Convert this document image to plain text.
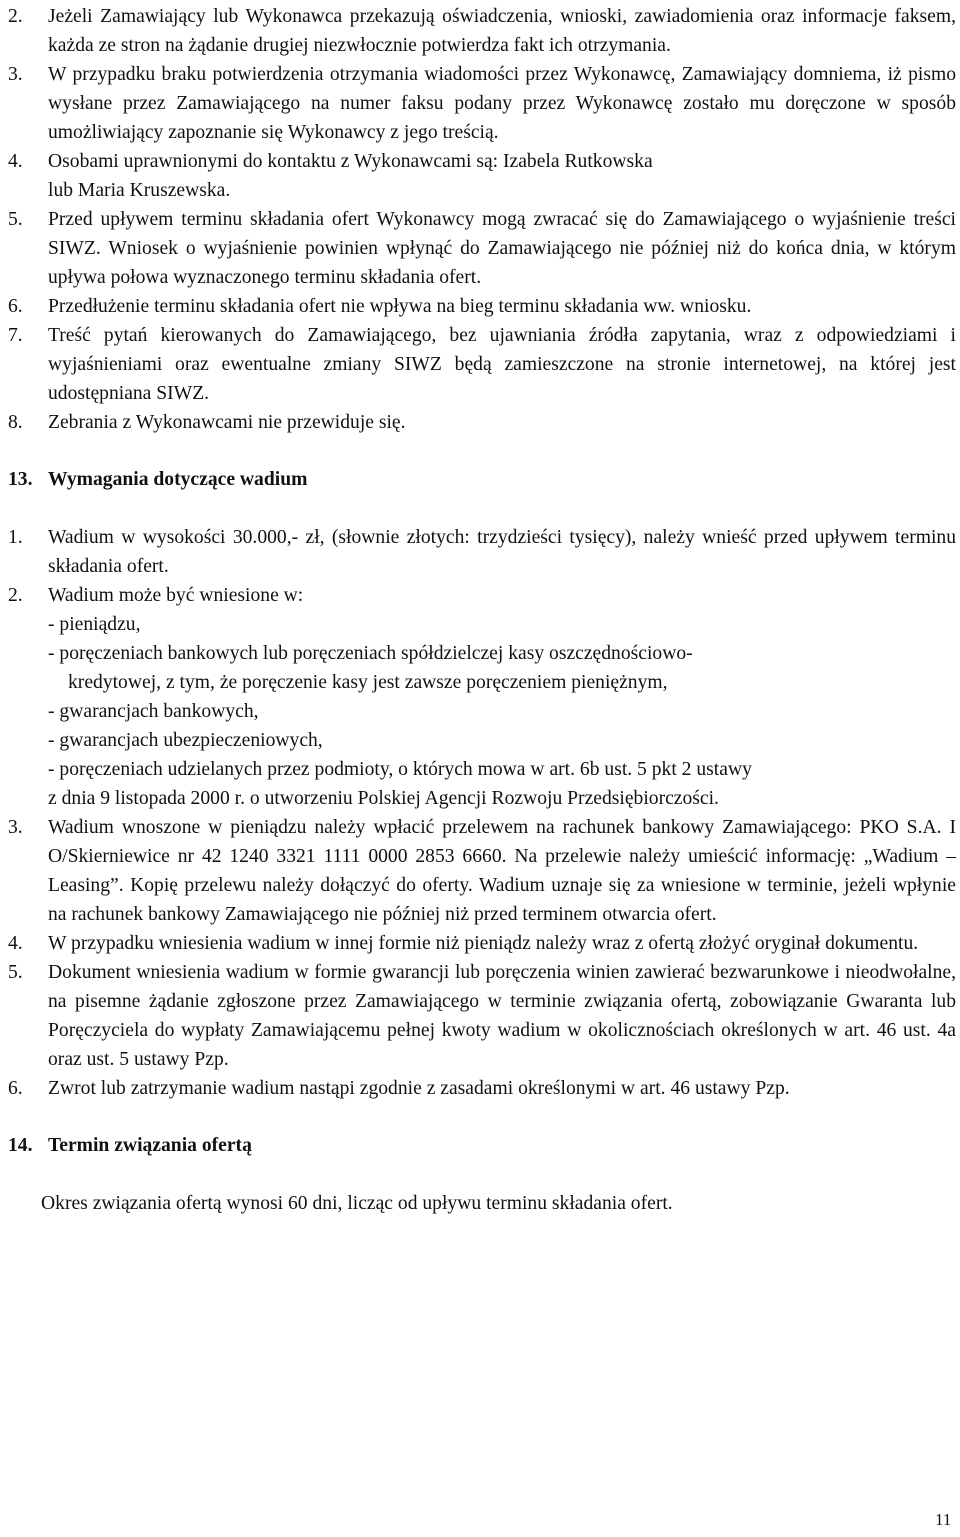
2.	Jeżeli Zamawiający lub Wykonawca przekazują oświadczenia, wnioski, zawiadomienia oraz informacje faksem, każda ze stron na żądanie drugiej niezwłocznie potwierdza fakt ich otrzymania.
3.	W przypadku braku potwierdzenia otrzymania wiadomości przez Wykonawcę, Zamawiający domniema, iż pismo wysłane przez Zamawiającego na numer faksu podany przez Wykonawcę zostało mu doręczone w sposób umożliwiający zapoznanie się Wykonawcy z jego treścią.
4.	Osobami uprawnionymi do kontaktu z Wykonawcami są: Izabela Rutkowska
lub Maria Kruszewska.
5.	Przed upływem terminu składania ofert Wykonawcy mogą zwracać się do Zamawiającego o wyjaśnienie treści SIWZ. Wniosek o wyjaśnienie powinien wpłynąć do Zamawiającego nie później niż do końca dnia, w którym upływa połowa wyznaczonego terminu składania ofert.
6.	Przedłużenie terminu składania ofert nie wpływa na bieg terminu składania ww. wniosku.
7.	Treść pytań kierowanych do Zamawiającego, bez ujawniania źródła zapytania, wraz z odpowiedziami i wyjaśnieniami oraz ewentualne zmiany SIWZ będą zamieszczone na stronie internetowej, na której jest udostępniana SIWZ.
8.	Zebrania z Wykonawcami nie przewiduje się.
13. Wymagania dotyczące wadium
1.	Wadium w wysokości 30.000,- zł, (słownie złotych: trzydzieści tysięcy), należy wnieść przed upływem terminu składania ofert.
2.	Wadium może być wniesione w:
- pieniądzu,
- poręczeniach bankowych lub poręczeniach spółdzielczej kasy oszczędnościowo-
kredytowej, z tym, że poręczenie kasy jest zawsze poręczeniem pieniężnym,
- gwarancjach bankowych,
- gwarancjach ubezpieczeniowych,
- poręczeniach udzielanych przez podmioty, o których mowa w art. 6b ust. 5 pkt 2 ustawy
z dnia 9 listopada 2000 r. o utworzeniu Polskiej Agencji Rozwoju Przedsiębiorczości.
3.	Wadium wnoszone w pieniądzu należy wpłacić przelewem na rachunek bankowy Zamawiającego: PKO S.A. I O/Skierniewice nr 42 1240 3321 1111 0000 2853 6660. Na przelewie należy umieścić informację: „Wadium – Leasing”. Kopię przelewu należy dołączyć do oferty. Wadium uznaje się za wniesione w terminie, jeżeli wpłynie na rachunek bankowy Zamawiającego nie później niż przed terminem otwarcia ofert.
4.	W przypadku wniesienia wadium w innej formie niż pieniądz należy wraz z ofertą złożyć oryginał dokumentu.
5.	Dokument wniesienia wadium w formie gwarancji lub poręczenia winien zawierać bezwarunkowe i nieodwołalne, na pisemne żądanie zgłoszone przez Zamawiającego w terminie związania ofertą, zobowiązanie Gwaranta lub Poręczyciela do wypłaty Zamawiającemu pełnej kwoty wadium w okolicznościach określonych w art. 46 ust. 4a oraz ust. 5 ustawy Pzp.
6.	Zwrot lub zatrzymanie wadium nastąpi zgodnie z zasadami określonymi w art. 46 ustawy Pzp.
14. Termin związania ofertą
Okres związania ofertą wynosi 60 dni, licząc od upływu terminu składania ofert.
11
